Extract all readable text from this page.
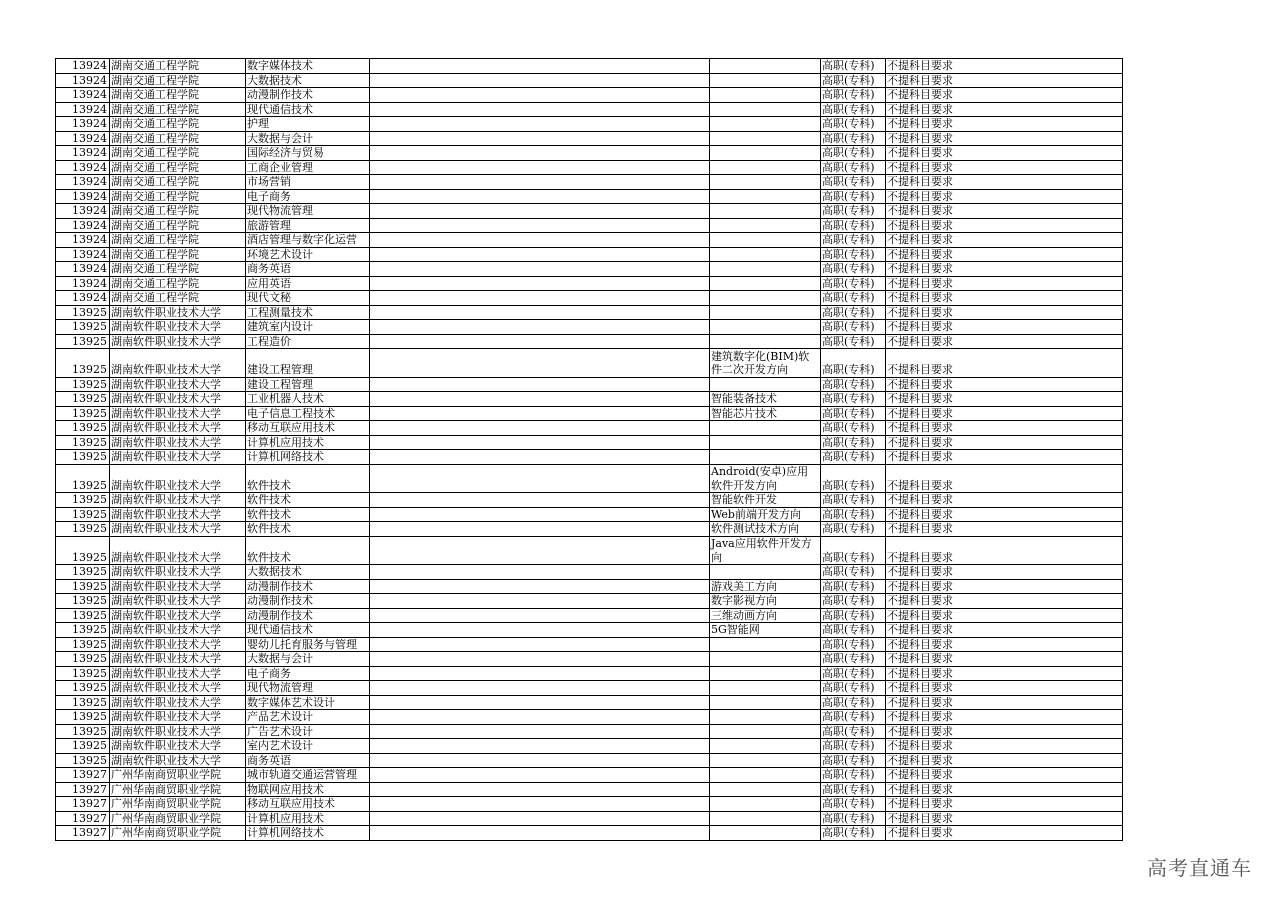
13924	湖南交通工程学院	数字媒体技术			高职(专科)	不提科目要求
13924	湖南交通工程学院	大数据技术			高职(专科)	不提科目要求
13924	湖南交通工程学院	动漫制作技术			高职(专科)	不提科目要求
13924	湖南交通工程学院	现代通信技术			高职(专科)	不提科目要求
13924	湖南交通工程学院	护理			高职(专科)	不提科目要求
13924	湖南交通工程学院	大数据与会计			高职(专科)	不提科目要求
13924	湖南交通工程学院	国际经济与贸易			高职(专科)	不提科目要求
13924	湖南交通工程学院	工商企业管理			高职(专科)	不提科目要求
13924	湖南交通工程学院	市场营销			高职(专科)	不提科目要求
13924	湖南交通工程学院	电子商务			高职(专科)	不提科目要求
13924	湖南交通工程学院	现代物流管理			高职(专科)	不提科目要求
13924	湖南交通工程学院	旅游管理			高职(专科)	不提科目要求
13924	湖南交通工程学院	酒店管理与数字化运营			高职(专科)	不提科目要求
13924	湖南交通工程学院	环境艺术设计			高职(专科)	不提科目要求
13924	湖南交通工程学院	商务英语			高职(专科)	不提科目要求
13924	湖南交通工程学院	应用英语			高职(专科)	不提科目要求
13924	湖南交通工程学院	现代文秘			高职(专科)	不提科目要求
13925	湖南软件职业技术大学	工程测量技术			高职(专科)	不提科目要求
13925	湖南软件职业技术大学	建筑室内设计			高职(专科)	不提科目要求
13925	湖南软件职业技术大学	工程造价			高职(专科)	不提科目要求
13925	湖南软件职业技术大学	建设工程管理		建筑数字化(BIM)软件二次开发方向	高职(专科)	不提科目要求
13925	湖南软件职业技术大学	建设工程管理			高职(专科)	不提科目要求
13925	湖南软件职业技术大学	工业机器人技术		智能装备技术	高职(专科)	不提科目要求
13925	湖南软件职业技术大学	电子信息工程技术		智能芯片技术	高职(专科)	不提科目要求
13925	湖南软件职业技术大学	移动互联应用技术			高职(专科)	不提科目要求
13925	湖南软件职业技术大学	计算机应用技术			高职(专科)	不提科目要求
13925	湖南软件职业技术大学	计算机网络技术			高职(专科)	不提科目要求
13925	湖南软件职业技术大学	软件技术		Android(安卓)应用软件开发方向	高职(专科)	不提科目要求
13925	湖南软件职业技术大学	软件技术		智能软件开发	高职(专科)	不提科目要求
13925	湖南软件职业技术大学	软件技术		Web前端开发方向	高职(专科)	不提科目要求
13925	湖南软件职业技术大学	软件技术		软件测试技术方向	高职(专科)	不提科目要求
13925	湖南软件职业技术大学	软件技术		Java应用软件开发方向	高职(专科)	不提科目要求
13925	湖南软件职业技术大学	大数据技术			高职(专科)	不提科目要求
13925	湖南软件职业技术大学	动漫制作技术		游戏美工方向	高职(专科)	不提科目要求
13925	湖南软件职业技术大学	动漫制作技术		数字影视方向	高职(专科)	不提科目要求
13925	湖南软件职业技术大学	动漫制作技术		三维动画方向	高职(专科)	不提科目要求
13925	湖南软件职业技术大学	现代通信技术		5G智能网	高职(专科)	不提科目要求
13925	湖南软件职业技术大学	婴幼儿托育服务与管理			高职(专科)	不提科目要求
13925	湖南软件职业技术大学	大数据与会计			高职(专科)	不提科目要求
13925	湖南软件职业技术大学	电子商务			高职(专科)	不提科目要求
13925	湖南软件职业技术大学	现代物流管理			高职(专科)	不提科目要求
13925	湖南软件职业技术大学	数字媒体艺术设计			高职(专科)	不提科目要求
13925	湖南软件职业技术大学	产品艺术设计			高职(专科)	不提科目要求
13925	湖南软件职业技术大学	广告艺术设计			高职(专科)	不提科目要求
13925	湖南软件职业技术大学	室内艺术设计			高职(专科)	不提科目要求
13925	湖南软件职业技术大学	商务英语			高职(专科)	不提科目要求
13927	广州华南商贸职业学院	城市轨道交通运营管理			高职(专科)	不提科目要求
13927	广州华南商贸职业学院	物联网应用技术			高职(专科)	不提科目要求
13927	广州华南商贸职业学院	移动互联应用技术			高职(专科)	不提科目要求
13927	广州华南商贸职业学院	计算机应用技术			高职(专科)	不提科目要求
13927	广州华南商贸职业学院	计算机网络技术			高职(专科)	不提科目要求
高考直通车
